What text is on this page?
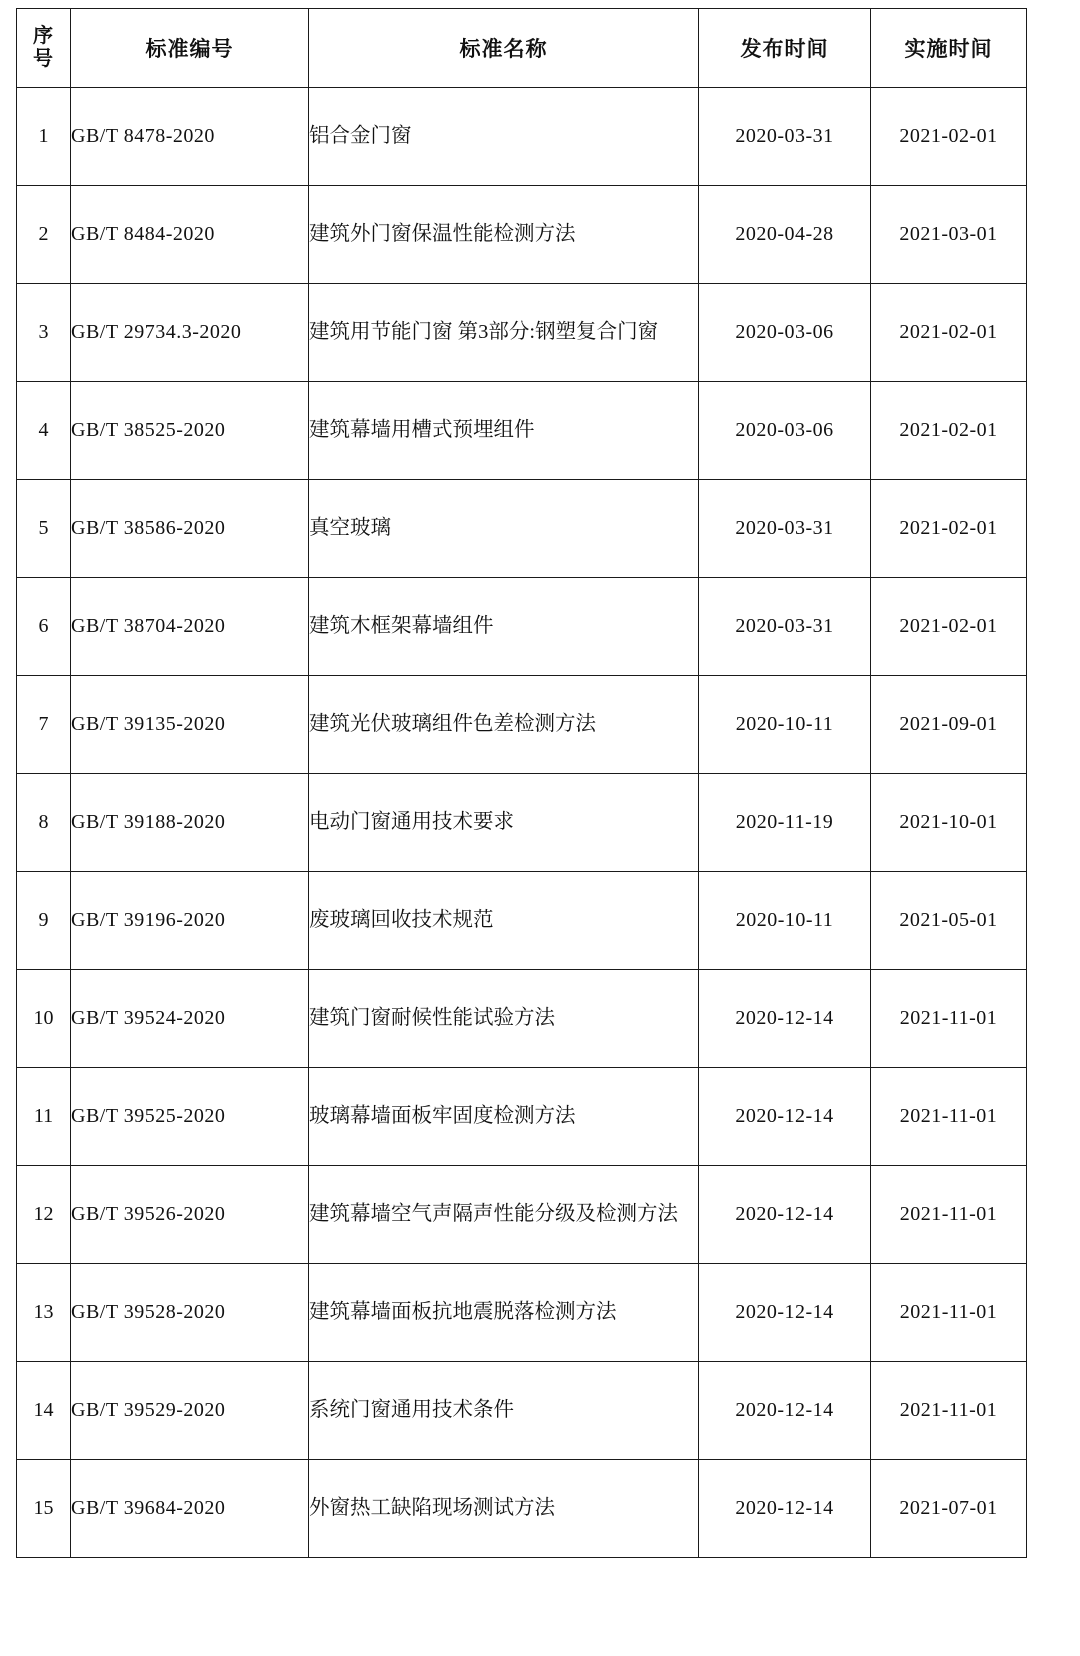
序
号	标准编号	标准名称	发布时间	实施时间
1	GB/T 8478-2020	铝合金门窗	2020-03-31	2021-02-01
2	GB/T 8484-2020	建筑外门窗保温性能检测方法	2020-04-28	2021-03-01
3	GB/T 29734.3-2020	建筑用节能门窗 第3部分:钢塑复合门窗	2020-03-06	2021-02-01
4	GB/T 38525-2020	建筑幕墙用槽式预埋组件	2020-03-06	2021-02-01
5	GB/T 38586-2020	真空玻璃	2020-03-31	2021-02-01
6	GB/T 38704-2020	建筑木框架幕墙组件	2020-03-31	2021-02-01
7	GB/T 39135-2020	建筑光伏玻璃组件色差检测方法	2020-10-11	2021-09-01
8	GB/T 39188-2020	电动门窗通用技术要求	2020-11-19	2021-10-01
9	GB/T 39196-2020	废玻璃回收技术规范	2020-10-11	2021-05-01
10	GB/T 39524-2020	建筑门窗耐候性能试验方法	2020-12-14	2021-11-01
11	GB/T 39525-2020	玻璃幕墙面板牢固度检测方法	2020-12-14	2021-11-01
12	GB/T 39526-2020	建筑幕墙空气声隔声性能分级及检测方法	2020-12-14	2021-11-01
13	GB/T 39528-2020	建筑幕墙面板抗地震脱落检测方法	2020-12-14	2021-11-01
14	GB/T 39529-2020	系统门窗通用技术条件	2020-12-14	2021-11-01
15	GB/T 39684-2020	外窗热工缺陷现场测试方法	2020-12-14	2021-07-01
